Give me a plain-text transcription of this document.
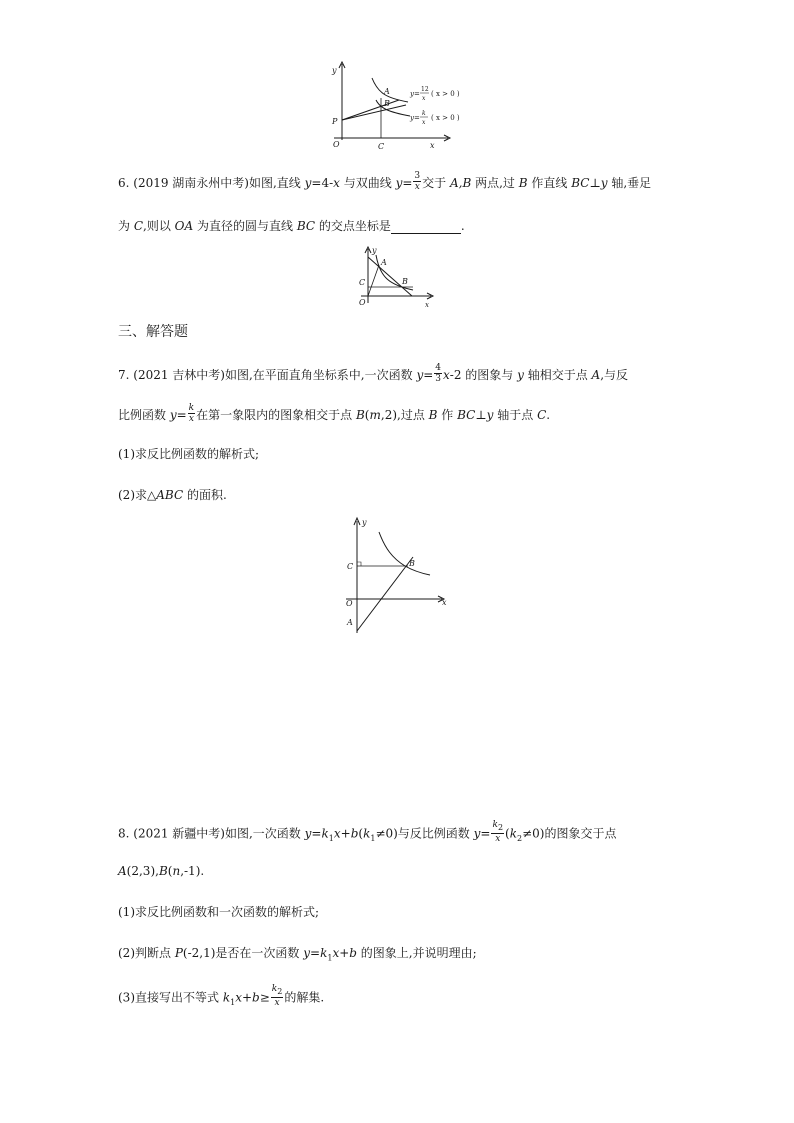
y
x
O	C
P
A
B
y=
12
x
( x > 0 )
y=
k
x
( x > 0 )
6. (2019 湖南永州中考)如图,直线 y=4-x 与双曲线 $y= \frac{3}{x}$ 交于 A,B 两点,过 B 作直线 BC⊥y 轴,垂足
为 C,则以 OA 为直径的圆与直线 BC 的交点坐标是	.
y
x
O
C
A
B
三、解答题
7. (2021 吉林中考)如图,在平面直角坐标系中,一次函数 $y= \frac{4}{3} x-2$ 的图象与 y 轴相交于点 A,与反
比例函数 $y= \frac{k}{x}$ 在第一象限内的图象相交于点 B(m,2),过点 B 作 BC⊥y 轴于点 C.
(1)求反比例函数的解析式;
(2)求△ABC 的面积.
y
x
O
C
A
B
8. (2021 新疆中考)如图,一次函数 $y=k_1x+b(k_1\ne 0)$与反比例函数 $y= \frac{k_2}{x} (k_2\ne 0)$的图象交于点
A(2,3),B(n,-1).
(1)求反比例函数和一次函数的解析式;
(2)判断点 P(-2,1)是否在一次函数 $y=k_1x+b$ 的图象上,并说明理由;
(3)直接写出不等式 $k_1x+b\ge \frac{k_2}{x}$ 的解集.
